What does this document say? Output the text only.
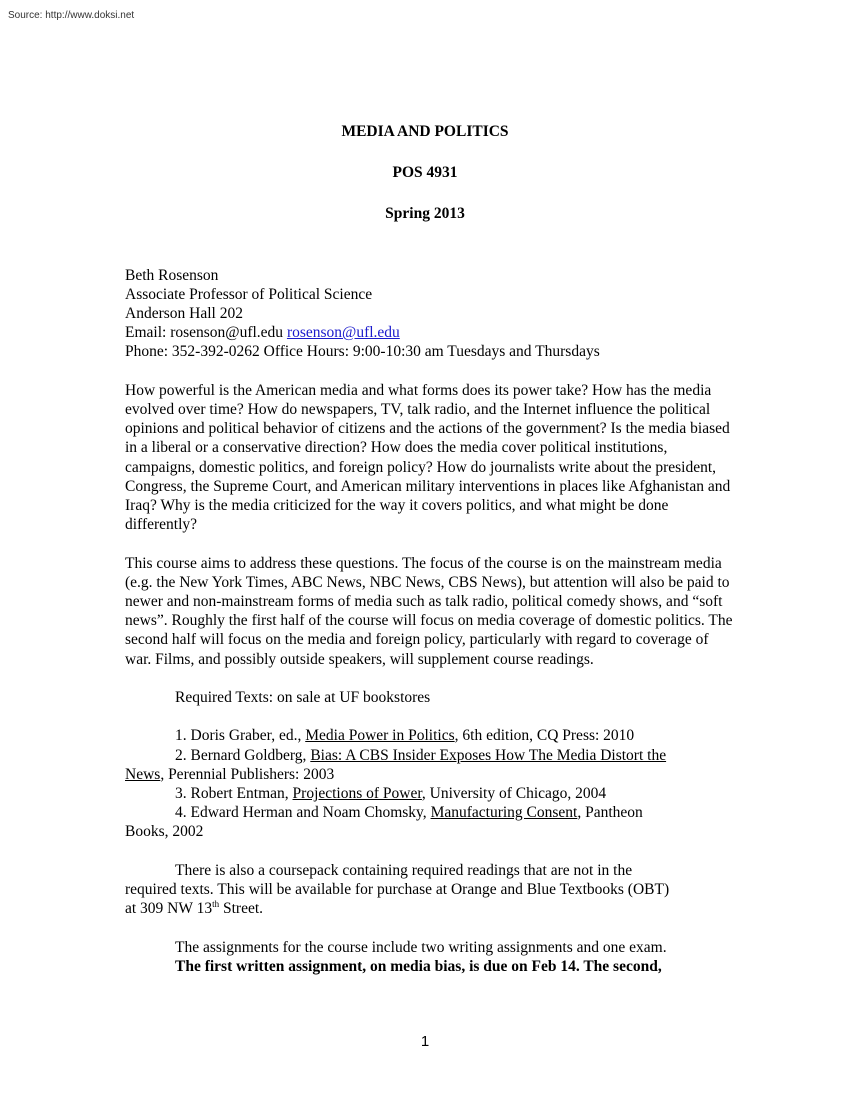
Source: http://www.doksi.net
MEDIA AND POLITICS
POS 4931
Spring 2013
Beth Rosenson
Associate Professor of Political Science
Anderson Hall 202
Email: rosenson@ufl.edu rosenson@ufl.edu
Phone: 352-392-0262 Office Hours: 9:00-10:30 am Tuesdays and Thursdays

How powerful is the American media and what forms does its power take? How has the media evolved over time? How do newspapers, TV, talk radio, and the Internet influence the political opinions and political behavior of citizens and the actions of the government? Is the media biased in a liberal or a conservative direction? How does the media cover political institutions, campaigns, domestic politics, and foreign policy? How do journalists write about the president, Congress, the Supreme Court, and American military interventions in places like Afghanistan and Iraq? Why is the media criticized for the way it covers politics, and what might be done differently?

This course aims to address these questions. The focus of the course is on the mainstream media (e.g. the New York Times, ABC News, NBC News, CBS News), but attention will also be paid to newer and non-mainstream forms of media such as talk radio, political comedy shows, and “soft news”. Roughly the first half of the course will focus on media coverage of domestic politics. The second half will focus on the media and foreign policy, particularly with regard to coverage of war. Films, and possibly outside speakers, will supplement course readings.

Required Texts: on sale at UF bookstores
1. Doris Graber, ed., Media Power in Politics, 6th edition, CQ Press: 2010
2. Bernard Goldberg, Bias: A CBS Insider Exposes How The Media Distort the
News, Perennial Publishers: 2003
3. Robert Entman, Projections of Power, University of Chicago, 2004
4. Edward Herman and Noam Chomsky, Manufacturing Consent, Pantheon
Books, 2002
There is also a coursepack containing required readings that are not in the
required texts. This will be available for purchase at Orange and Blue Textbooks (OBT)
at 309 NW 13th Street.
The assignments for the course include two writing assignments and one exam.
The first written assignment, on media bias, is due on Feb 14. The second,
1
